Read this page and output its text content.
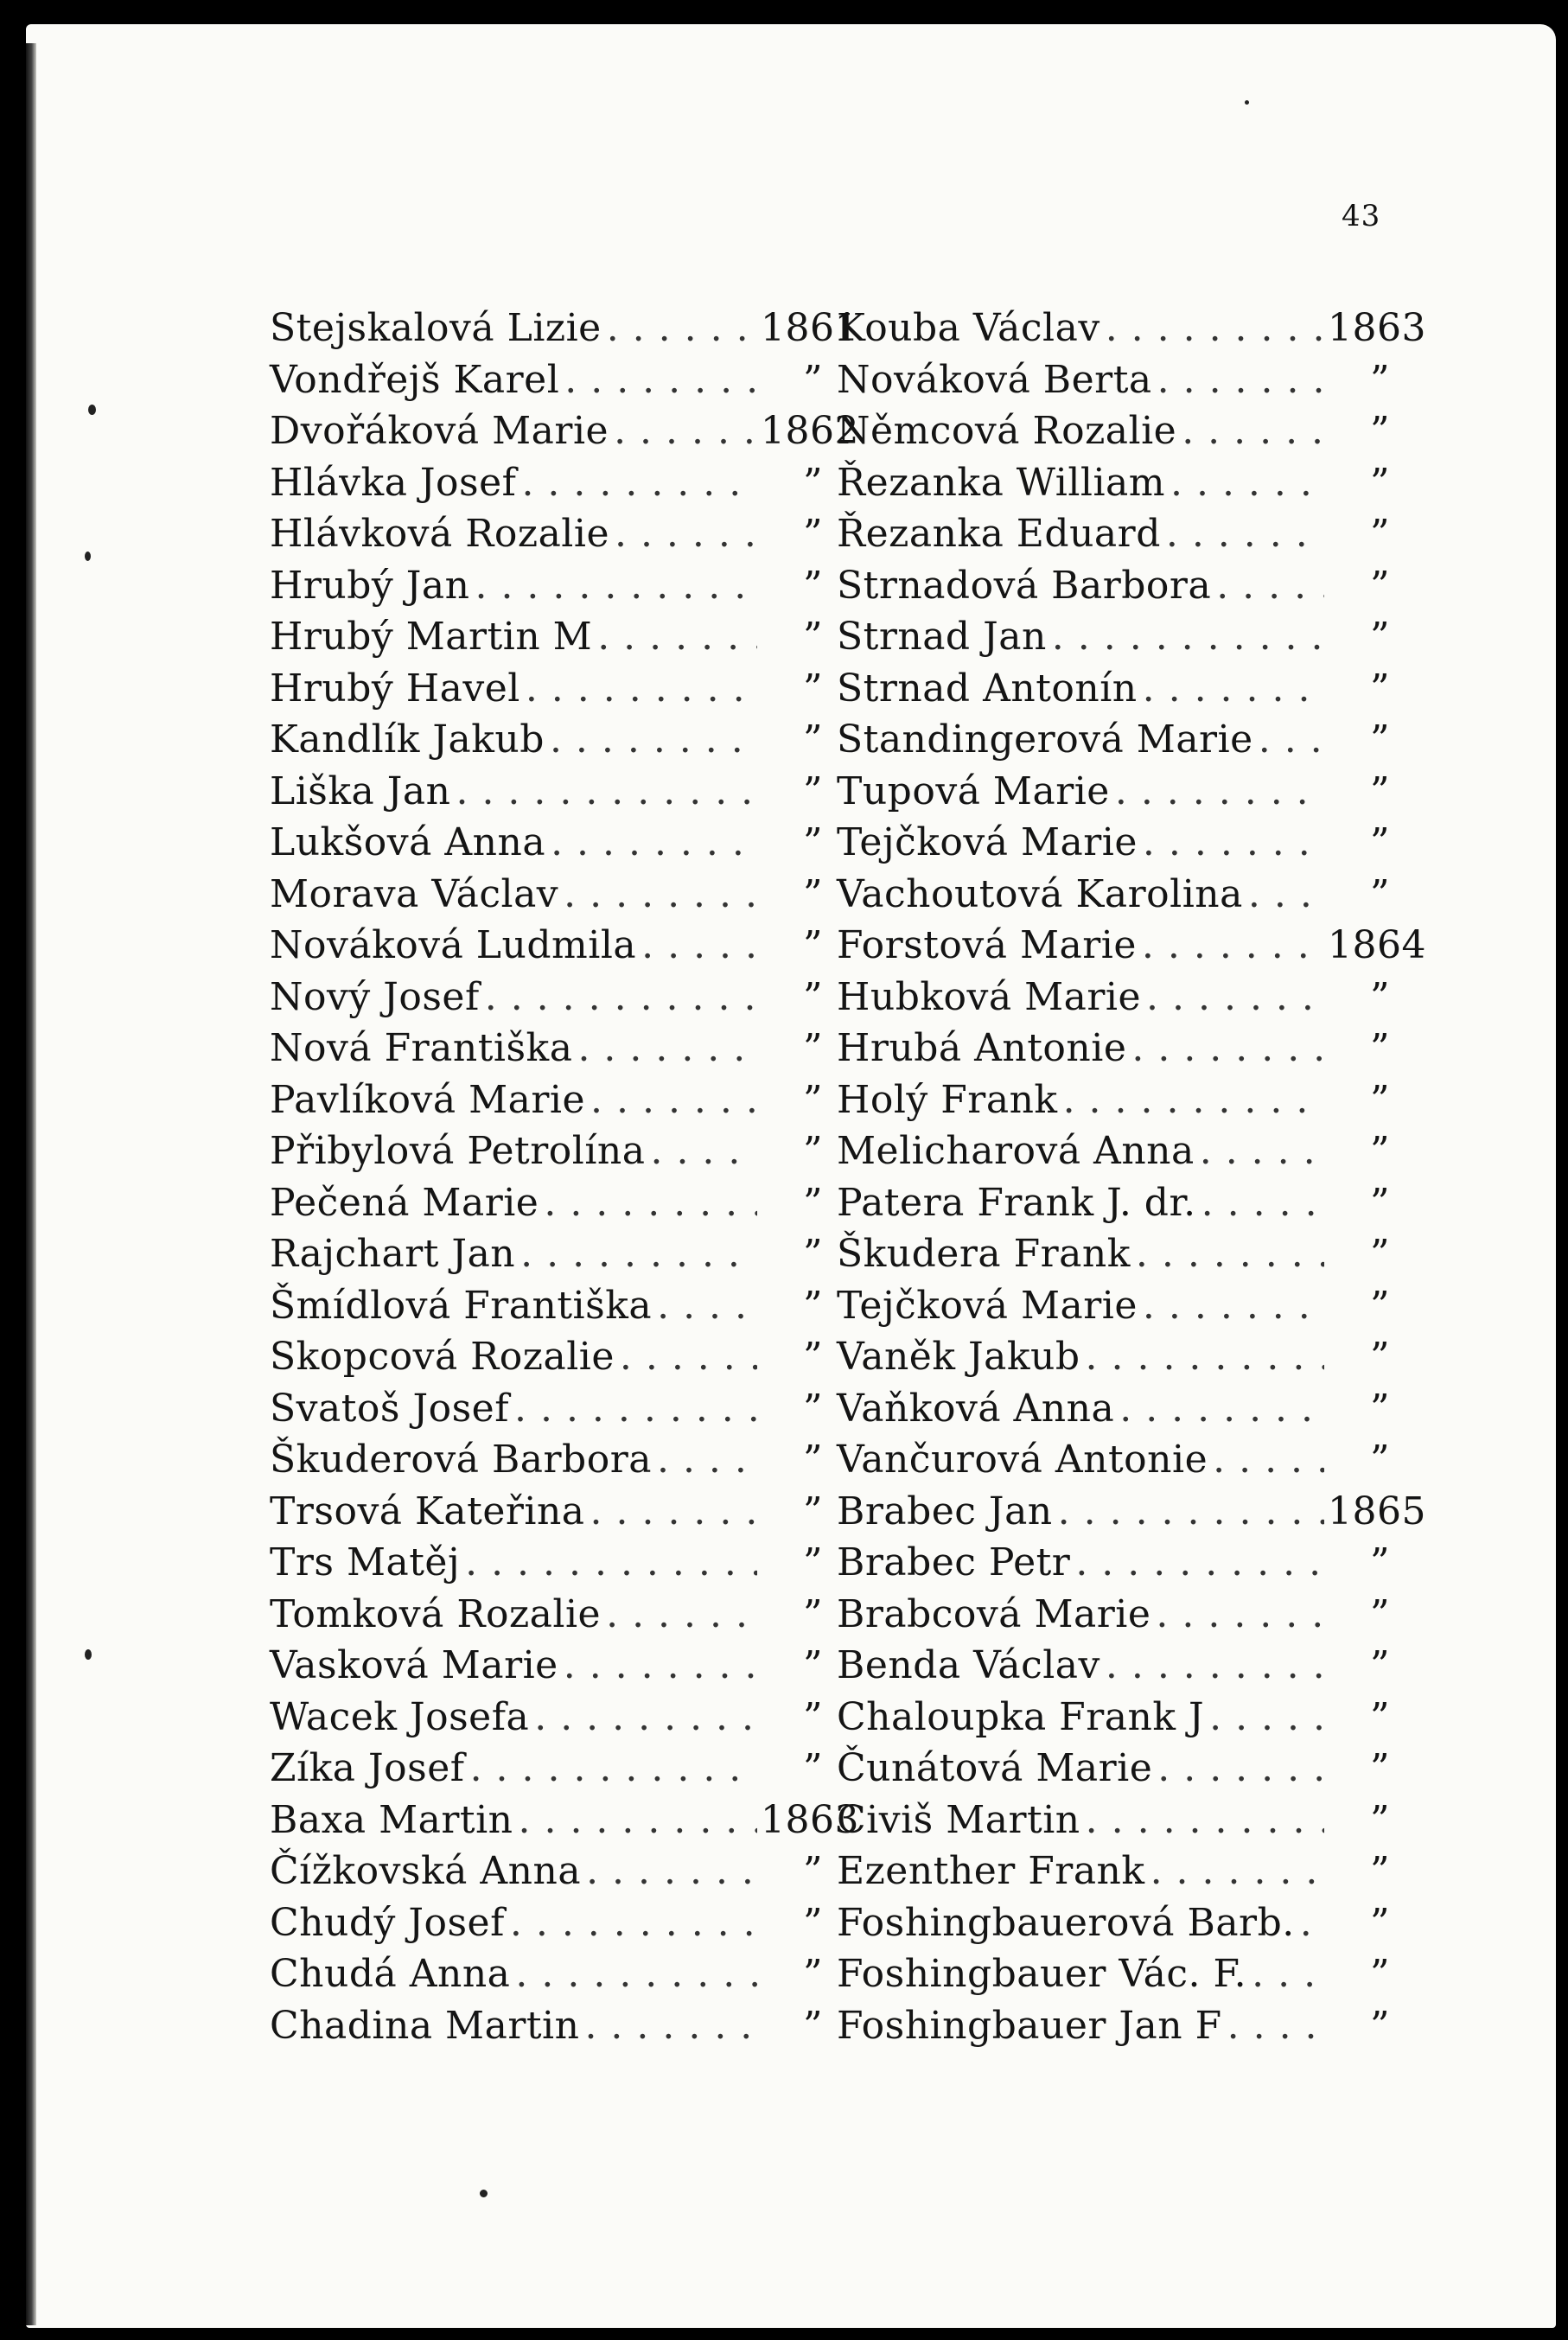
43
Stejskalová Lizie . . .	1861
Vondřejš Karel . . .	”
Dvořáková Marie . . .	1862
Hlávka Josef . . .	”
Hlávková Rozalie . . .	”
Hrubý Jan . . .	”
Hrubý Martin M . . .	”
Hrubý Havel . . .	”
Kandlík Jakub . . .	”
Liška Jan . . .	”
Lukšová Anna . . .	”
Morava Václav . . .	”
Nováková Ludmila . . .	”
Nový Josef . . .	”
Nová Františka . . .	”
Pavlíková Marie . . .	”
Přibylová Petrolína . . .	”
Pečená Marie . . .	”
Rajchart Jan . . .	”
Šmídlová Františka . . .	”
Skopcová Rozalie . . .	”
Svatoš Josef . . .	”
Škuderová Barbora . . .	”
Trsová Kateřina . . .	”
Trs Matěj . . .	”
Tomková Rozalie . . .	”
Vasková Marie . . .	”
Wacek Josefa . . .	”
Zíka Josef . . .	”
Baxa Martin . . .	1863
Čížkovská Anna . . .	”
Chudý Josef . . .	”
Chudá Anna . . .	”
Chadina Martin . . .	”
Kouba Václav . . .	1863
Nováková Berta . . .	”
Němcová Rozalie . . .	”
Řezanka William . . .	”
Řezanka Eduard . . .	”
Strnadová Barbora . . .	”
Strnad Jan . . .	”
Strnad Antonín . . .	”
Standingerová Marie . . .	”
Tupová Marie . . .	”
Tejčková Marie . . .	”
Vachoutová Karolina . . .	”
Forstová Marie . . .	1864
Hubková Marie . . .	”
Hrubá Antonie . . .	”
Holý Frank . . .	”
Melicharová Anna . . .	”
Patera Frank J. dr. . . .	”
Škudera Frank . . .	”
Tejčková Marie . . .	”
Vaněk Jakub . . .	”
Vaňková Anna . . .	”
Vančurová Antonie . . .	”
Brabec Jan . . .	1865
Brabec Petr . . .	”
Brabcová Marie . . .	”
Benda Václav . . .	”
Chaloupka Frank J . . .	”
Čunátová Marie . . .	”
Civiš Martin . . .	”
Ezenther Frank . . .	”
Foshingbauerová Barb. . . .	”
Foshingbauer Vác. F. . . .	”
Foshingbauer Jan F . . .	”
